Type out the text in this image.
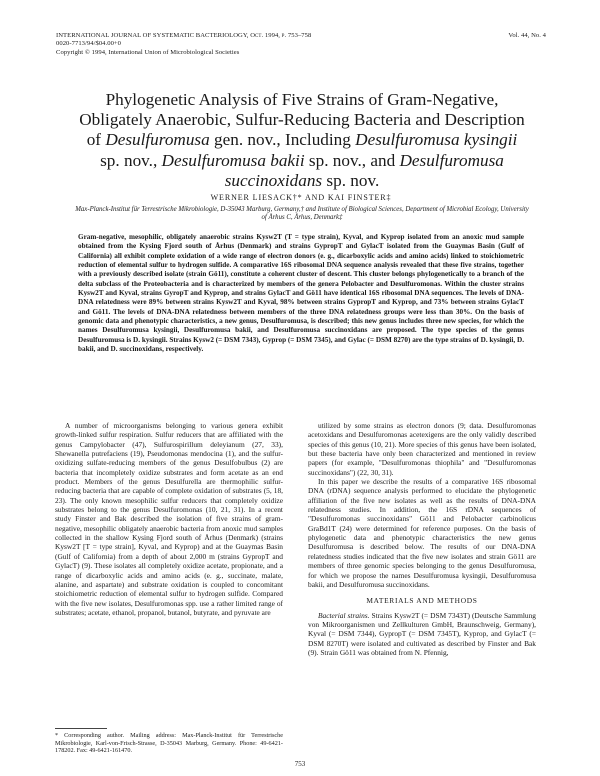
INTERNATIONAL JOURNAL OF SYSTEMATIC BACTERIOLOGY, Oct. 1994, p. 753–758	Vol. 44, No. 4
0020-7713/94/$04.00+0
Copyright © 1994, International Union of Microbiological Societies
Phylogenetic Analysis of Five Strains of Gram-Negative,
Obligately Anaerobic, Sulfur-Reducing Bacteria and Description
of Desulfuromusa gen. nov., Including Desulfuromusa kysingii
sp. nov., Desulfuromusa bakii sp. nov., and Desulfuromusa
succinoxidans sp. nov.
WERNER LIESACK†* AND KAI FINSTER‡
Max-Planck-Institut für Terrestrische Mikrobiologie, D-35043 Marburg, Germany,† and Institute of Biological Sciences, Department of Microbial Ecology, University of Århus C, Århus, Denmark‡

Gram-negative, mesophilic, obligately anaerobic strains Kysw2T (T = type strain), Kyval, and Kyprop isolated from an anoxic mud sample obtained from the Kysing Fjord south of Århus (Denmark) and strains GypropT and GylacT isolated from the Guaymas Basin (Gulf of California) all exhibit complete oxidation of a wide range of electron donors (e. g., dicarboxylic acids and amino acids) linked to stoichiometric reduction of elemental sulfur to hydrogen sulfide. A comparative 16S ribosomal DNA sequence analysis revealed that these five strains, together with a previously described isolate (strain Gö11), constitute a coherent cluster of descent. This cluster belongs phylogenetically to a branch of the delta subclass of the Proteobacteria and is characterized by members of the genera Pelobacter and Desulfuromonas. Within the cluster strains Kysw2T and Kyval, strains GyropT and Kyprop, and strains GylacT and Gö11 have identical 16S ribosomal DNA sequences. The levels of DNA-DNA relatedness were 89% between strains Kysw2T and Kyval, 98% between strains GypropT and Kyprop, and 73% between strains GylacT and Gö11. The levels of DNA-DNA relatedness between members of the three DNA relatedness groups were less than 30%. On the basis of genomic data and phenotypic characteristics, a new genus, Desulfuromusa, is described; this new genus includes three new species, for which the names Desulfuromusa kysingii, Desulfuromusa bakii, and Desulfuromusa succinoxidans are proposed. The type species of the genus Desulfuromusa is D. kysingii. Strains Kysw2 (= DSM 7343), Gyprop (= DSM 7345), and Gylac (= DSM 8270) are the type strains of D. kysingii, D. bakii, and D. succinoxidans, respectively.

A number of microorganisms belonging to various genera exhibit growth-linked sulfur respiration. Sulfur reducers that are affiliated with the genus Campylobacter (47), Sulfurospirillum deleyianum (27, 33), Shewanella putrefaciens (19), Pseudomonas mendocina (1), and the sulfur-oxidizing sulfate-reducing members of the genus Desulfobulbus (2) are bacteria that incompletely oxidize substrates and form acetate as an end product. Members of the genus Desulfurella are thermophilic sulfur-reducing bacteria that are capable of complete oxidation of substrates (5, 18, 23). The only known mesophilic sulfur reducers that completely oxidize substrates belong to the genus Desulfuromonas (10, 21, 31). In a recent study Finster and Bak described the isolation of five strains of gram-negative, mesophilic obligately anaerobic bacteria from anoxic mud samples collected in the shallow Kysing Fjord south of Århus (Denmark) (strains Kysw2T [T = type strain], Kyval, and Kyprop) and at the Guaymas Basin (Gulf of California) from a depth of about 2,000 m (strains GypropT and GylacT) (9). These isolates all completely oxidize acetate, propionate, and a range of dicarboxylic acids and amino acids (e. g., succinate, malate, alanine, and aspartate) and substrate oxidation is coupled to concomitant stoichiometric reduction of elemental sulfur to hydrogen sulfide. Compared with the five new isolates, Desulfuromonas spp. use a rather limited range of substrates; acetate, ethanol, propanol, butanol, butyrate, and pyruvate are

utilized by some strains as electron donors (9; data. Desulfuromonas acetoxidans and Desulfuromonas acetexigens are the only validly described species of this genus (10, 21). More species of this genus have been isolated, but these bacteria have only been characterized and mentioned in review papers (for example, "Desulfuromonas thiophila" and "Desulfuromonas succinoxidans") (22, 30, 31).

In this paper we describe the results of a comparative 16S ribosomal DNA (rDNA) sequence analysis performed to elucidate the phylogenetic affiliation of the five new isolates as well as the results of DNA-DNA relatedness studies. In addition, the 16S rDNA sequences of "Desulfuromonas succinoxidans" Gö11 and Pelobacter carbinolicus GraBd1T (24) were determined for reference purposes. On the basis of phylogenetic data and phenotypic characteristics the new genus Desulfuromusa is described below. The results of our DNA-DNA relatedness studies indicated that the five new isolates and strain Gö11 are members of three genomic species belonging to the genus Desulfuromusa, for which we propose the names Desulfuromusa kysingii, Desulfuromusa bakii, and Desulfuromusa succinoxidans.

MATERIALS AND METHODS

Bacterial strains. Strains Kysw2T (= DSM 7343T) (Deutsche Sammlung von Mikroorganismen und Zellkulturen GmbH, Braunschweig, Germany), Kyval (= DSM 7344), GypropT (= DSM 7345T), Kyprop, and GylacT (= DSM 8270T) were isolated and cultivated as described by Finster and Bak (9). Strain Gö11 was obtained from N. Pfennig,

* Corresponding author. Mailing address: Max-Planck-Institut für Terrestrische Mikrobiologie, Karl-von-Frisch-Strasse, D-35043 Marburg, Germany. Phone: 49-6421-178202. Fax: 49-6421-161470.
753
